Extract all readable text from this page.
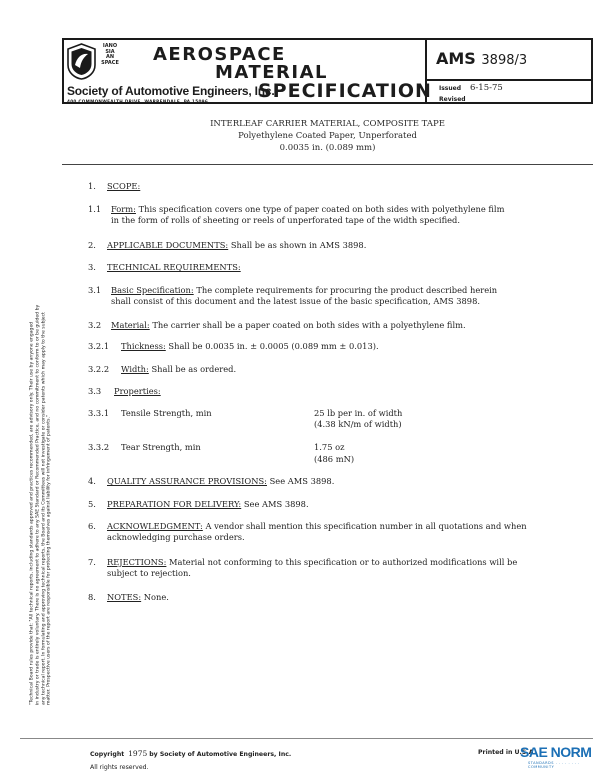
IANO
SIA
AN
SPACE AEROSPACE
MATERIAL
SPECIFICATION
Society of Automotive Engineers, Inc.
400 COMMONWEALTH DRIVE, WARRENDALE, PA 15096
AMS 3898/3
Issued 6-15-75
Revised
INTERLEAF CARRIER MATERIAL, COMPOSITE TAPE
Polyethylene Coated Paper, Unperforated
0.0035 in. (0.089 mm)
"Technical Board rules provide that: "All technical reports, including standards approved and practices recommended, are advisory only. Their use by anyone engaged in industry or trade is entirely voluntary. There is no agreement to adhere to any SAE Standard or Recommended Practice, and no commitment to conform to or be guided by any technical report. In formulating and approving technical reports, the Board and its Committees will not investigate or consider patents which may apply to the subject matter. Prospective users of the report are responsible for protecting themselves against liability for infringement of patents."
1. SCOPE:
1.1 Form: This specification covers one type of paper coated on both sides with polyethylene film
in the form of rolls of sheeting or reels of unperforated tape of the width specified.
2. APPLICABLE DOCUMENTS: Shall be as shown in AMS 3898.
3. TECHNICAL REQUIREMENTS:
3.1 Basic Specification: The complete requirements for procuring the product described herein
shall consist of this document and the latest issue of the basic specification, AMS 3898.
3.2 Material: The carrier shall be a paper coated on both sides with a polyethylene film.
3.2.1 Thickness: Shall be 0.0035 in. ± 0.0005 (0.089 mm ± 0.013).
3.2.2 Width: Shall be as ordered.
3.3 Properties:
3.3.1 Tensile Strength, min	25 lb per in. of width
(4.38 kN/m of width)
3.3.2 Tear Strength, min	1.75 oz
(486 mN)
4. QUALITY ASSURANCE PROVISIONS: See AMS 3898.
5. PREPARATION FOR DELIVERY: See AMS 3898.
6. ACKNOWLEDGMENT: A vendor shall mention this specification number in all quotations and when
acknowledging purchase orders.
7. REJECTIONS: Material not conforming to this specification or to authorized modifications will be
subject to rejection.
8. NOTES: None.
Copyright 1975 by Society of Automotive Engineers, Inc.
All rights reserved.
Printed in U.S.A.
SAE NORM
STANDARDS . . . . . . . . COMMUNITY
